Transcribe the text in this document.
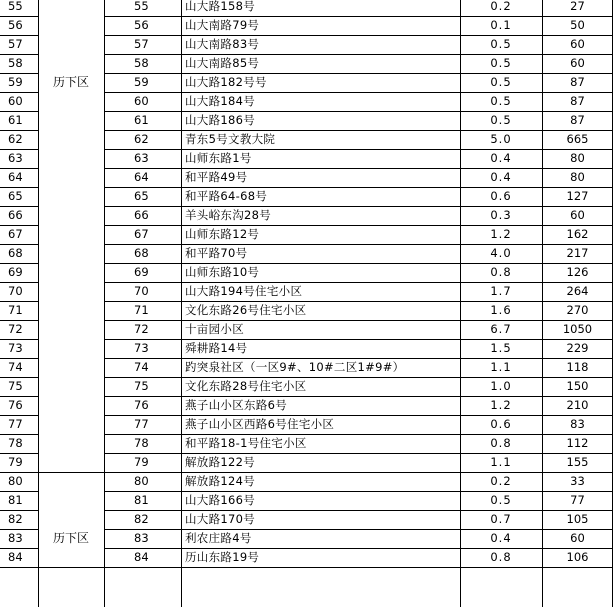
55	55	山大路158号	0.2	27
56	56	山大南路79号	0.1	50
57	57	山大南路83号	0.5	60
58	58	山大南路85号	0.5	60
59	59	山大路182号号	0.5	87
60	60	山大路184号	0.5	87
61	61	山大路186号	0.5	87
62	62	青东5号文教大院	5.0	665
63	63	山师东路1号	0.4	80
64	64	和平路49号	0.4	80
65	65	和平路64-68号	0.6	127
66	66	羊头峪东沟28号	0.3	60
67	67	山师东路12号	1.2	162
68	68	和平路70号	4.0	217
69	69	山师东路10号	0.8	126
70	70	山大路194号住宅小区	1.7	264
71	71	文化东路26号住宅小区	1.6	270
72	72	十亩园小区	6.7	1050
73	73	舜耕路14号	1.5	229
74	74	趵突泉社区（一区9#、10#二区1#9#）	1.1	118
75	75	文化东路28号住宅小区	1.0	150
76	76	燕子山小区东路6号	1.2	210
77	77	燕子山小区西路6号住宅小区	0.6	83
78	78	和平路18-1号住宅小区	0.8	112
79	79	解放路122号	1.1	155
80	80	解放路124号	0.2	33
81	81	山大路166号	0.5	77
82	82	山大路170号	0.7	105
83	83	利农庄路4号	0.4	60
84	84	历山东路19号	0.8	106
历下区
历下区
